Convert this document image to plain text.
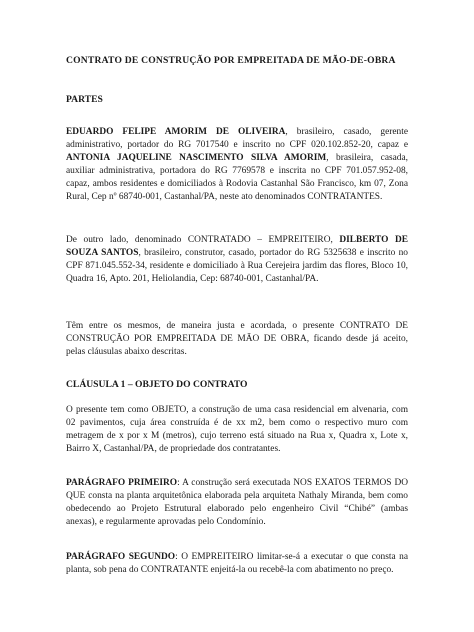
CONTRATO DE CONSTRUÇÃO POR EMPREITADA DE MÃO-DE-OBRA
PARTES
EDUARDO FELIPE AMORIM DE OLIVEIRA, brasileiro, casado, gerente administrativo, portador do RG 7017540 e inscrito no CPF 020.102.852-20, capaz e ANTONIA JAQUELINE NASCIMENTO SILVA AMORIM, brasileira, casada, auxiliar administrativa, portadora do RG 7769578 e inscrita no CPF 701.057.952-08, capaz, ambos residentes e domiciliados à Rodovia Castanhal São Francisco, km 07, Zona Rural, Cep nº 68740-001, Castanhal/PA, neste ato denominados CONTRATANTES.
De outro lado, denominado CONTRATADO – EMPREITEIRO, DILBERTO DE SOUZA SANTOS, brasileiro, construtor, casado, portador do RG 5325638 e inscrito no CPF 871.045.552-34, residente e domiciliado à Rua Cerejeira jardim das flores, Bloco 10, Quadra 16, Apto. 201, Heliolandia, Cep: 68740-001, Castanhal/PA.
Têm entre os mesmos, de maneira justa e acordada, o presente CONTRATO DE CONSTRUÇÃO POR EMPREITADA DE MÃO DE OBRA, ficando desde já aceito, pelas cláusulas abaixo descritas.
CLÁUSULA 1 – OBJETO DO CONTRATO
O presente tem como OBJETO, a construção de uma casa residencial em alvenaria, com 02 pavimentos, cuja área construída é de xx m2, bem como o respectivo muro com metragem de x por x M (metros), cujo terreno está situado na Rua x, Quadra x, Lote x, Bairro X, Castanhal/PA, de propriedade dos contratantes.
PARÁGRAFO PRIMEIRO: A construção será executada NOS EXATOS TERMOS DO QUE consta na planta arquitetônica elaborada pela arquiteta Nathaly Miranda, bem como obedecendo ao Projeto Estrutural elaborado pelo engenheiro Civil “Chibé” (ambas anexas), e regularmente aprovadas pelo Condomínio.
PARÁGRAFO SEGUNDO: O EMPREITEIRO limitar-se-á a executar o que consta na planta, sob pena do CONTRATANTE enjeitá-la ou recebê-la com abatimento no preço.
